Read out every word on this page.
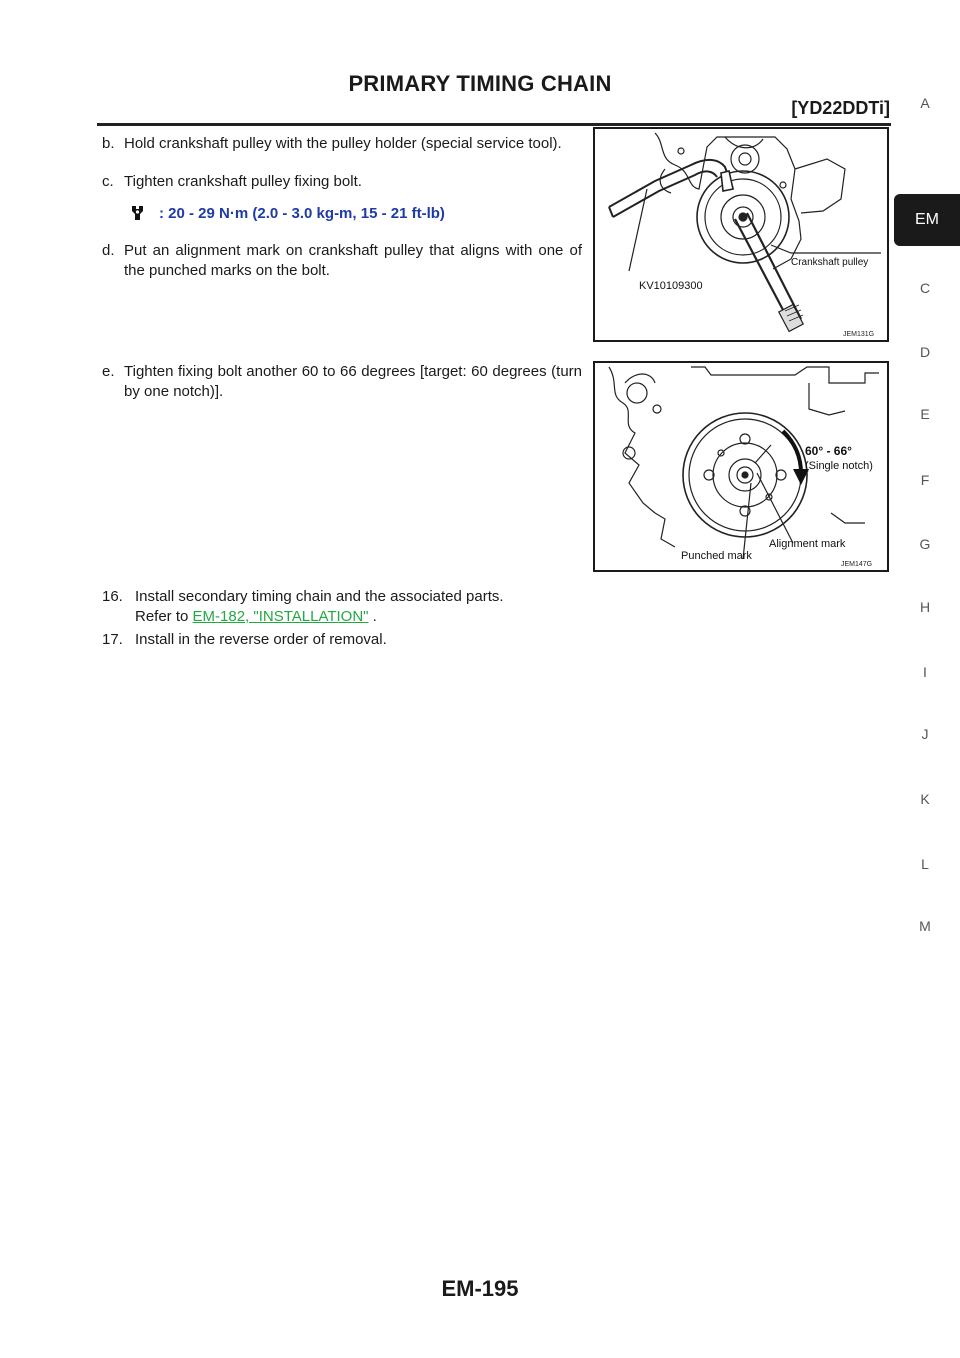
PRIMARY TIMING CHAIN
[YD22DDTi]	A
EM
C
D
E
F
G
H
I
J
K
L
M
b. Hold crankshaft pulley with the pulley holder (special service tool).
c. Tighten crankshaft pulley fixing bolt.
: 20 - 29 N·m (2.0 - 3.0 kg-m, 15 - 21 ft-lb)
d. Put an alignment mark on crankshaft pulley that aligns with one of the punched marks on the bolt.
e. Tighten fixing bolt another 60 to 66 degrees [target: 60 degrees (turn by one notch)].
16. Install secondary timing chain and the associated parts.
Refer to EM-182, "INSTALLATION" .
17. Install in the reverse order of removal.
KV10109300
Crankshaft pulley
JEM131G
60° - 66°
(Single notch)
Alignment mark
Punched mark
JEM147G
EM-195
